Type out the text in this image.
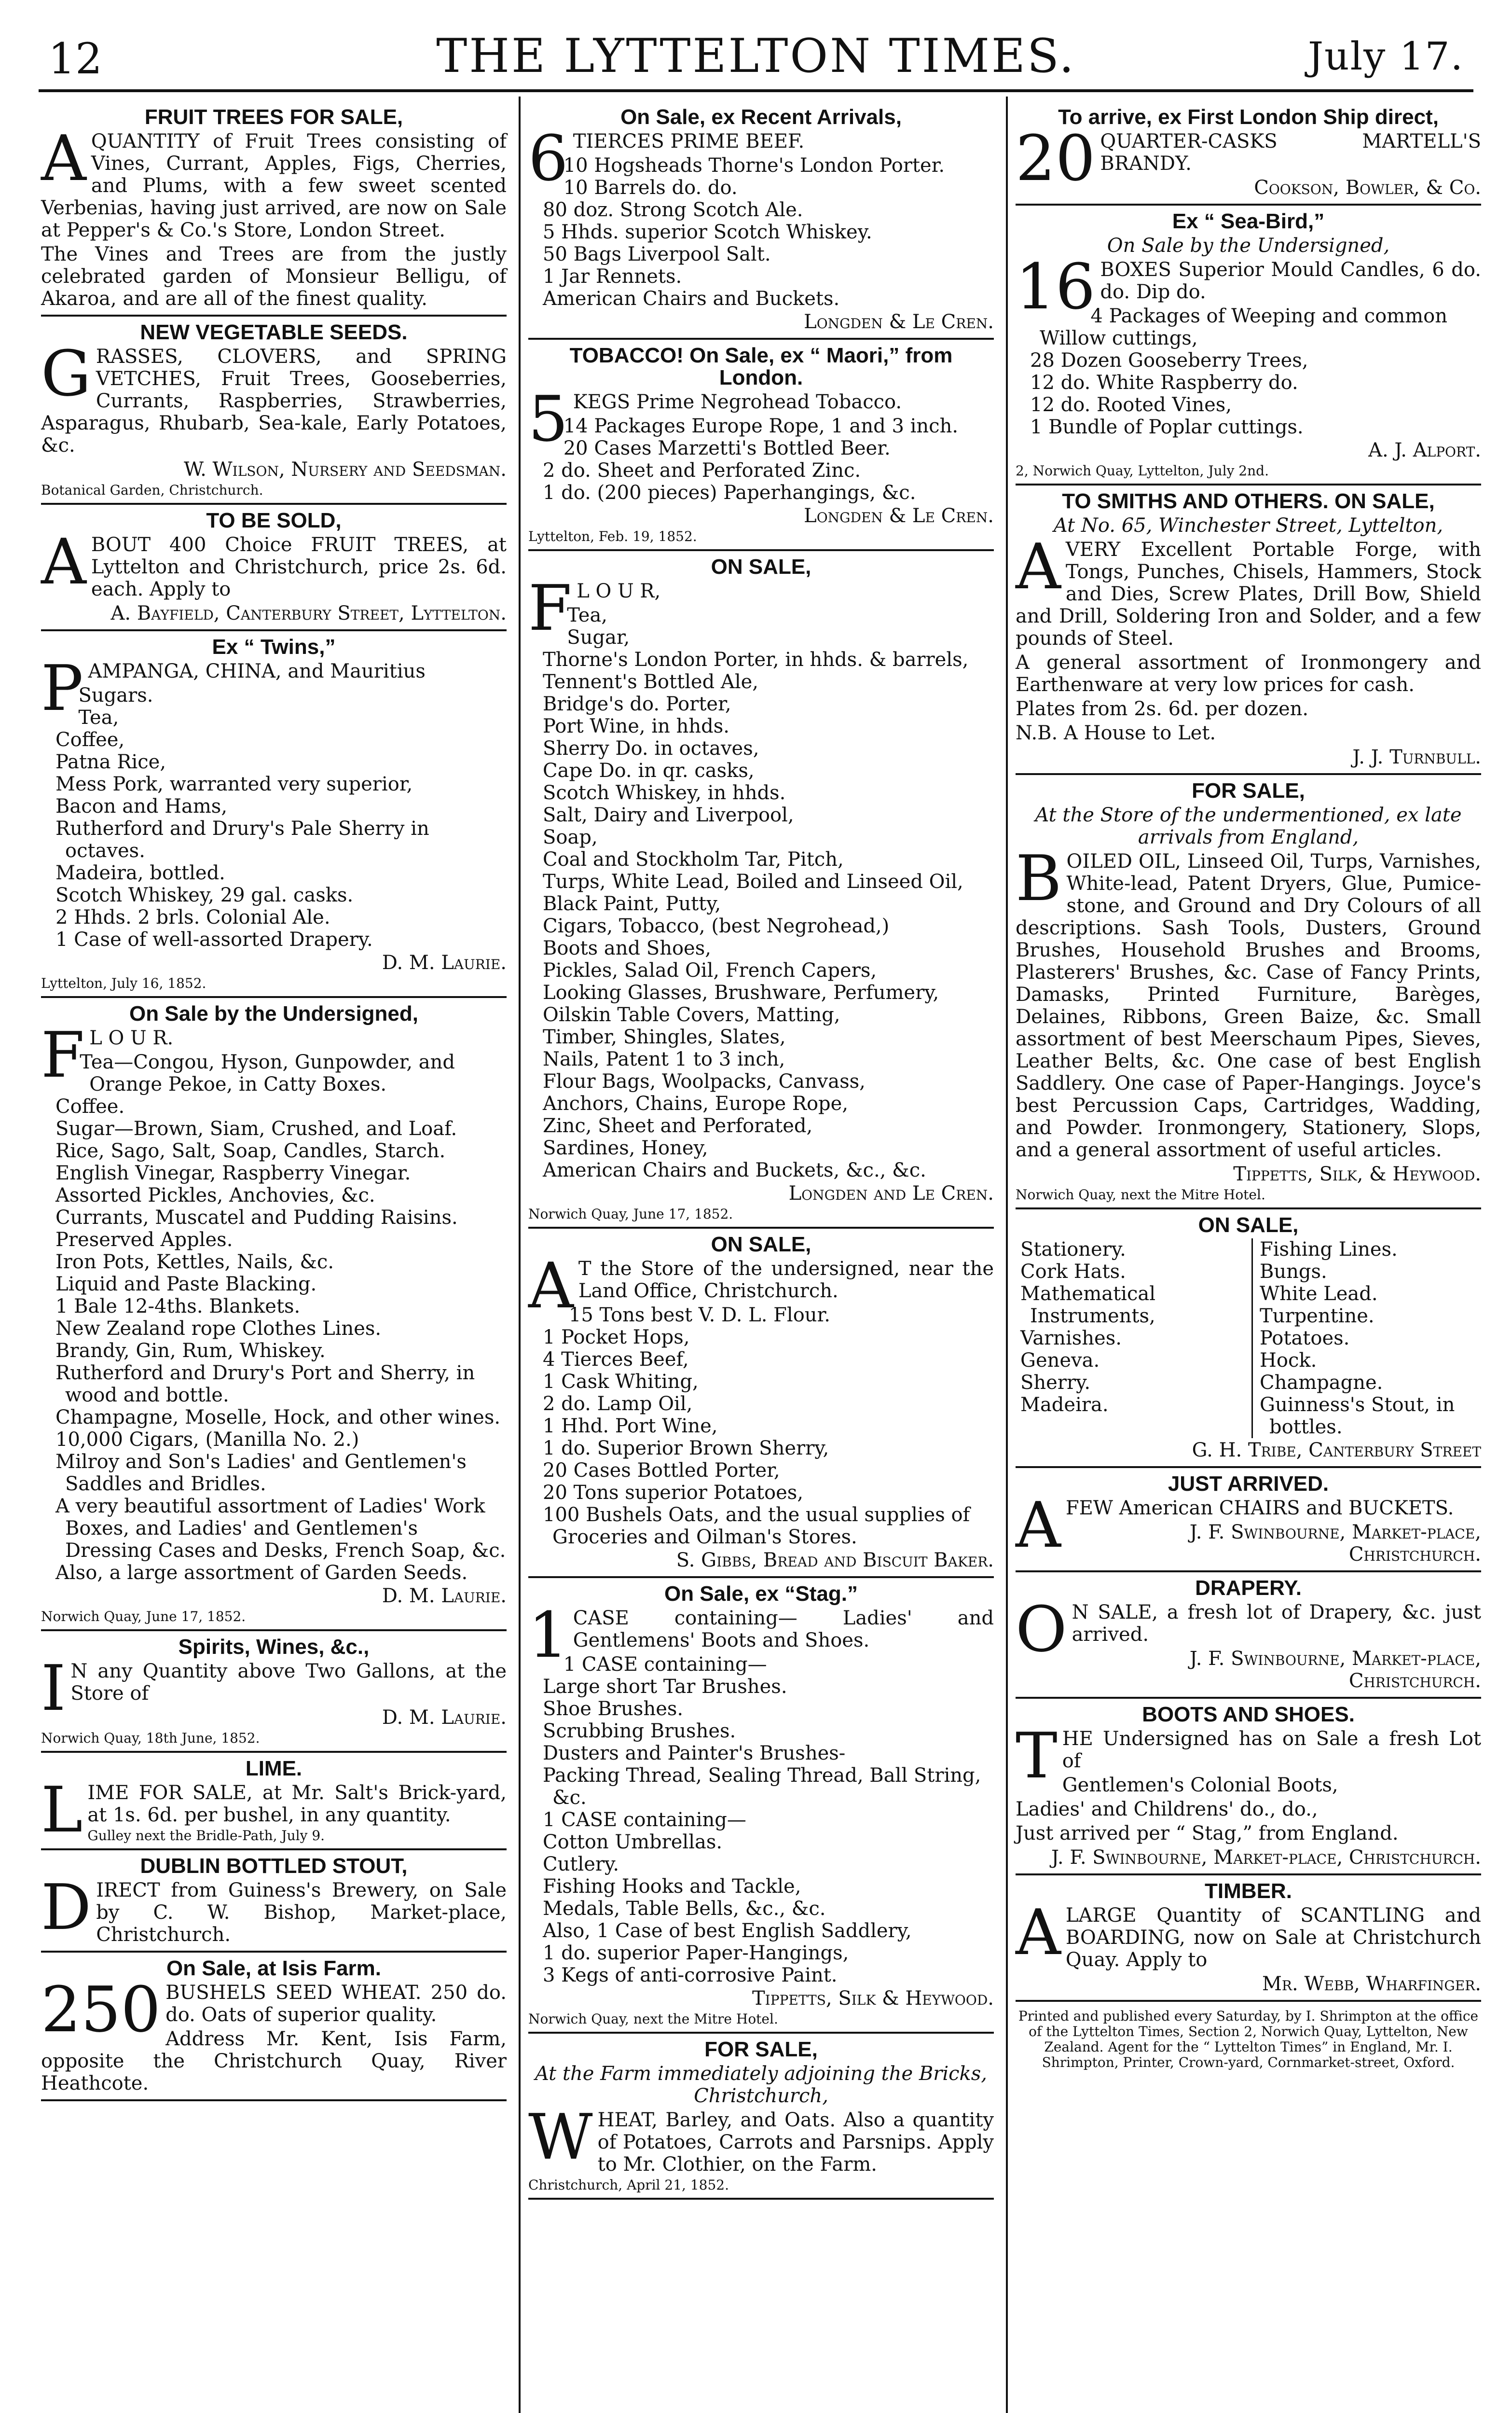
12	THE LYTTELTON TIMES.	July 17.
FRUIT TREES FOR SALE,

AQUANTITY of Fruit Trees consisting of Vines, Currant, Apples, Figs, Cherries, and Plums, with a few sweet scented Verbenias, having just arrived, are now on Sale at Pepper's & Co.'s Store, London Street.

The Vines and Trees are from the justly celebrated garden of Monsieur Belligu, of Akaroa, and are all of the finest quality.

NEW VEGETABLE SEEDS.

GRASSES, CLOVERS, and SPRING VETCHES, Fruit Trees, Gooseberries, Currants, Raspberries, Strawberries, Asparagus, Rhubarb, Sea-kale, Early Potatoes, &c.

W. Wilson, Nursery and Seedsman.
Botanical Garden, Christchurch.
TO BE SOLD,

ABOUT 400 Choice FRUIT TREES, at Lyttelton and Christchurch, price 2s. 6d. each. Apply to

A. Bayfield, Canterbury Street, Lyttelton.
Ex “ Twins,”

PAMPANGA, CHINA, and Mauritius

Sugars.
Tea,
Coffee,
Patna Rice,
Mess Pork, warranted very superior,
Bacon and Hams,
Rutherford and Drury's Pale Sherry in octaves.
Madeira, bottled.
Scotch Whiskey, 29 gal. casks.
2 Hhds. 2 brls. Colonial Ale.
1 Case of well-assorted Drapery.
D. M. Laurie.
Lyttelton, July 16, 1852.
On Sale by the Undersigned,

F L O U R.

Tea—Congou, Hyson, Gunpowder, and Orange Pekoe, in Catty Boxes.
Coffee.
Sugar—Brown, Siam, Crushed, and Loaf.
Rice, Sago, Salt, Soap, Candles, Starch.
English Vinegar, Raspberry Vinegar.
Assorted Pickles, Anchovies, &c.
Currants, Muscatel and Pudding Raisins.
Preserved Apples.
Iron Pots, Kettles, Nails, &c.
Liquid and Paste Blacking.
1 Bale 12-4ths. Blankets.
New Zealand rope Clothes Lines.
Brandy, Gin, Rum, Whiskey.
Rutherford and Drury's Port and Sherry, in wood and bottle.
Champagne, Moselle, Hock, and other wines.
10,000 Cigars, (Manilla No. 2.)
Milroy and Son's Ladies' and Gentlemen's Saddles and Bridles.
A very beautiful assortment of Ladies' Work Boxes, and Ladies' and Gentlemen's Dressing Cases and Desks, French Soap, &c.
Also, a large assortment of Garden Seeds.
D. M. Laurie.
Norwich Quay, June 17, 1852.
Spirits, Wines, &c.,

I N any Quantity above Two Gallons, at the Store of

D. M. Laurie.
Norwich Quay, 18th June, 1852.
LIME.

LIME FOR SALE, at Mr. Salt's Brick-yard, at 1s. 6d. per bushel, in any quantity.

Gulley next the Bridle-Path, July 9.
DUBLIN BOTTLED STOUT,

DIRECT from Guiness's Brewery, on Sale by C. W. Bishop, Market-place, Christchurch.

On Sale, at Isis Farm.

250 BUSHELS SEED WHEAT. 250 do. do. Oats of superior quality.

Address Mr. Kent, Isis Farm, opposite the Christchurch Quay, River Heathcote.

On Sale, ex Recent Arrivals,

6 TIERCES PRIME BEEF.

10 Hogsheads Thorne's London Porter.
10 Barrels do. do.
80 doz. Strong Scotch Ale.
5 Hhds. superior Scotch Whiskey.
50 Bags Liverpool Salt.
1 Jar Rennets.
American Chairs and Buckets.
Longden & Le Cren.
TOBACCO! On Sale, ex “ Maori,” from London.

5 KEGS Prime Negrohead Tobacco.

14 Packages Europe Rope, 1 and 3 inch.
20 Cases Marzetti's Bottled Beer.
2 do. Sheet and Perforated Zinc.
1 do. (200 pieces) Paperhangings, &c.
Longden & Le Cren.
Lyttelton, Feb. 19, 1852.
ON SALE,

F L O U R,

Tea,
Sugar,
Thorne's London Porter, in hhds. & barrels,
Tennent's Bottled Ale,
Bridge's do. Porter,
Port Wine, in hhds.
Sherry Do. in octaves,
Cape Do. in qr. casks,
Scotch Whiskey, in hhds.
Salt, Dairy and Liverpool,
Soap,
Coal and Stockholm Tar, Pitch,
Turps, White Lead, Boiled and Linseed Oil,
Black Paint, Putty,
Cigars, Tobacco, (best Negrohead,)
Boots and Shoes,
Pickles, Salad Oil, French Capers,
Looking Glasses, Brushware, Perfumery,
Oilskin Table Covers, Matting,
Timber, Shingles, Slates,
Nails, Patent 1 to 3 inch,
Flour Bags, Woolpacks, Canvass,
Anchors, Chains, Europe Rope,
Zinc, Sheet and Perforated,
Sardines, Honey,
American Chairs and Buckets, &c., &c.
Longden and Le Cren.
Norwich Quay, June 17, 1852.
ON SALE,

A T the Store of the undersigned, near the Land Office, Christchurch.

15 Tons best V. D. L. Flour.
1 Pocket Hops,
4 Tierces Beef,
1 Cask Whiting,
2 do. Lamp Oil,
1 Hhd. Port Wine,
1 do. Superior Brown Sherry,
20 Cases Bottled Porter,
20 Tons superior Potatoes,
100 Bushels Oats, and the usual supplies of Groceries and Oilman's Stores.
S. Gibbs, Bread and Biscuit Baker.
On Sale, ex “Stag.”

1 CASE containing— Ladies' and Gentlemens' Boots and Shoes.

1 CASE containing—
Large short Tar Brushes.
Shoe Brushes.
Scrubbing Brushes.
Dusters and Painter's Brushes-
Packing Thread, Sealing Thread, Ball String, &c.
1 CASE containing—
Cotton Umbrellas.
Cutlery.
Fishing Hooks and Tackle,
Medals, Table Bells, &c., &c.
Also, 1 Case of best English Saddlery,
1 do. superior Paper-Hangings,
3 Kegs of anti-corrosive Paint.
Tippetts, Silk & Heywood.
Norwich Quay, next the Mitre Hotel.
FOR SALE,
At the Farm immediately adjoining the Bricks, Christchurch,

WHEAT, Barley, and Oats. Also a quantity of Potatoes, Carrots and Parsnips. Apply to Mr. Clothier, on the Farm.

Christchurch, April 21, 1852.
To arrive, ex First London Ship direct,

20 QUARTER-CASKS MARTELL'S BRANDY.

Cookson, Bowler, & Co.
Ex “ Sea-Bird,”
On Sale by the Undersigned,

16 BOXES Superior Mould Candles, 6 do. do. Dip do.

4 Packages of Weeping and common Willow cuttings,
28 Dozen Gooseberry Trees,
12 do. White Raspberry do.
12 do. Rooted Vines,
1 Bundle of Poplar cuttings.
A. J. Alport.
2, Norwich Quay, Lyttelton, July 2nd.
TO SMITHS AND OTHERS. ON SALE,
At No. 65, Winchester Street, Lyttelton,

AVERY Excellent Portable Forge, with Tongs, Punches, Chisels, Hammers, Stock and Dies, Screw Plates, Drill Bow, Shield and Drill, Soldering Iron and Solder, and a few pounds of Steel.

A general assortment of Ironmongery and Earthenware at very low prices for cash.

Plates from 2s. 6d. per dozen.

N.B. A House to Let.

J. J. Turnbull.
FOR SALE,
At the Store of the undermentioned, ex late arrivals from England,

BOILED OIL, Linseed Oil, Turps, Varnishes, White-lead, Patent Dryers, Glue, Pumice-stone, and Ground and Dry Colours of all descriptions. Sash Tools, Dusters, Ground Brushes, Household Brushes and Brooms, Plasterers' Brushes, &c. Case of Fancy Prints, Damasks, Printed Furniture, Barèges, Delaines, Ribbons, Green Baize, &c. Small assortment of best Meerschaum Pipes, Sieves, Leather Belts, &c. One case of best English Saddlery. One case of Paper-Hangings. Joyce's best Percussion Caps, Cartridges, Wadding, and Powder. Ironmongery, Stationery, Slops, and a general assortment of useful articles.

Tippetts, Silk, & Heywood.
Norwich Quay, next the Mitre Hotel.
ON SALE,
Stationery.
Cork Hats.
Mathematical Instruments,
Varnishes.
Geneva.
Sherry.
Madeira.
Fishing Lines.
Bungs.
White Lead.
Turpentine.
Potatoes.
Hock.
Champagne.
Guinness's Stout, in bottles.
G. H. Tribe, Canterbury Street
JUST ARRIVED.

AFEW American CHAIRS and BUCKETS.

J. F. Swinbourne, Market-place, Christchurch.
DRAPERY.

O N SALE, a fresh lot of Drapery, &c. just arrived.

J. F. Swinbourne, Market-place, Christchurch.
BOOTS AND SHOES.

THE Undersigned has on Sale a fresh Lot of

Gentlemen's Colonial Boots,

Ladies' and Childrens' do., do.,

Just arrived per “ Stag,” from England.

J. F. Swinbourne, Market-place, Christchurch.
TIMBER.

ALARGE Quantity of SCANTLING and BOARDING, now on Sale at Christchurch Quay. Apply to

Mr. Webb, Wharfinger.
Printed and published every Saturday, by I. Shrimpton at the office of the Lyttelton Times, Section 2, Norwich Quay, Lyttelton, New Zealand. Agent for the “ Lyttelton Times” in England, Mr. I. Shrimpton, Printer, Crown-yard, Cornmarket-street, Oxford.
